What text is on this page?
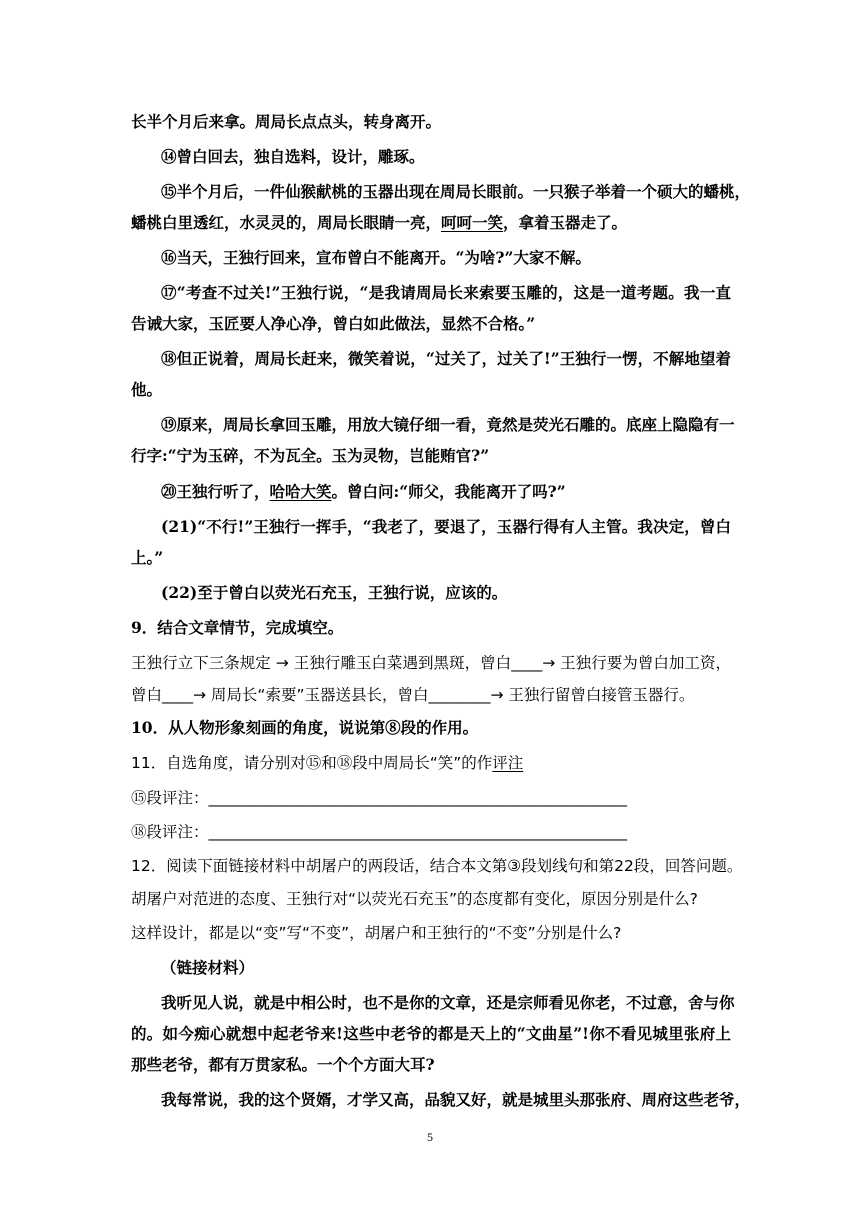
长半个月后来拿。周局长点点头，转身离开。
⑭曾白回去，独自选料，设计，雕琢。
⑮半个月后，一件仙猴献桃的玉器出现在周局长眼前。一只猴子举着一个硕大的蟠桃，
蟠桃白里透红，水灵灵的，周局长眼睛一亮，呵呵一笑，拿着玉器走了。
⑯当天，王独行回来，宣布曾白不能离开。“为啥?”大家不解。
⑰“考查不过关!”王独行说，“是我请周局长来索要玉雕的，这是一道考题。我一直
告诫大家，玉匠要人净心净，曾白如此做法，显然不合格。”
⑱但正说着，周局长赶来，微笑着说，“过关了，过关了!”王独行一愣，不解地望着
他。
⑲原来，周局长拿回玉雕，用放大镜仔细一看，竟然是荧光石雕的。底座上隐隐有一
行字:“宁为玉碎，不为瓦全。玉为灵物，岂能贿官?”
⑳王独行听了，哈哈大笑。曾白问:“师父，我能离开了吗?”
(21)“不行!”王独行一挥手，“我老了，要退了，玉器行得有人主管。我决定，曾白
上。”
(22)至于曾白以荧光石充玉，王独行说，应该的。
9．结合文章情节，完成填空。
王独行立下三条规定 → 王独行雕玉白菜遇到黑斑，曾白____→ 王独行要为曾白加工资，
曾白____→ 周局长“索要”玉器送县长，曾白________→ 王独行留曾白接管玉器行。
10．从人物形象刻画的角度，说说第⑧段的作用。
11．自选角度，请分别对⑮和⑱段中周局长“笑”的作评注
⑮段评注：______________________________________________________
⑱段评注：______________________________________________________
12．阅读下面链接材料中胡屠户的两段话，结合本文第③段划线句和第22段，回答问题。
胡屠户对范进的态度、王独行对“以荧光石充玉”的态度都有变化，原因分别是什么?
这样设计，都是以“变”写“不变”，胡屠户和王独行的“不变”分别是什么?
（链接材料）
我听见人说，就是中相公时，也不是你的文章，还是宗师看见你老，不过意，舍与你
的。如今痴心就想中起老爷来!这些中老爷的都是天上的“文曲星”!你不看见城里张府上
那些老爷，都有万贯家私。一个个方面大耳?
我每常说，我的这个贤婿，才学又高，品貌又好，就是城里头那张府、周府这些老爷，
5
